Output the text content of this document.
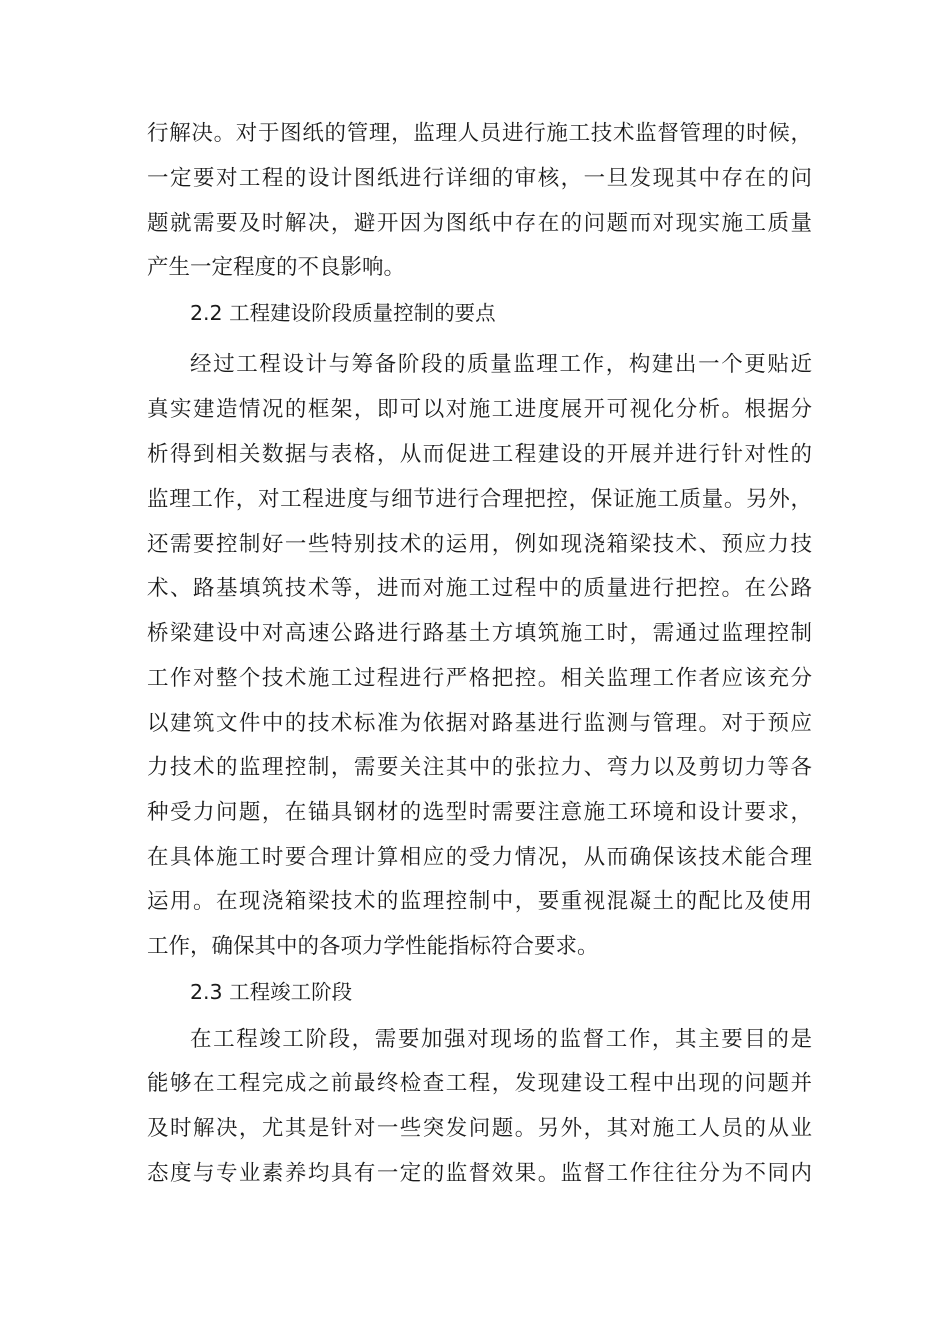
行解决。对于图纸的管理，监理人员进行施工技术监督管理的时候，
一定要对工程的设计图纸进行详细的审核，一旦发现其中存在的问
题就需要及时解决，避开因为图纸中存在的问题而对现实施工质量
产生一定程度的不良影响。
2.2 工程建设阶段质量控制的要点
经过工程设计与筹备阶段的质量监理工作，构建出一个更贴近
真实建造情况的框架，即可以对施工进度展开可视化分析。根据分
析得到相关数据与表格，从而促进工程建设的开展并进行针对性的
监理工作，对工程进度与细节进行合理把控，保证施工质量。另外，
还需要控制好一些特别技术的运用，例如现浇箱梁技术、预应力技
术、路基填筑技术等，进而对施工过程中的质量进行把控。在公路
桥梁建设中对高速公路进行路基土方填筑施工时，需通过监理控制
工作对整个技术施工过程进行严格把控。相关监理工作者应该充分
以建筑文件中的技术标准为依据对路基进行监测与管理。对于预应
力技术的监理控制，需要关注其中的张拉力、弯力以及剪切力等各
种受力问题，在锚具钢材的选型时需要注意施工环境和设计要求，
在具体施工时要合理计算相应的受力情况，从而确保该技术能合理
运用。在现浇箱梁技术的监理控制中，要重视混凝土的配比及使用
工作，确保其中的各项力学性能指标符合要求。
2.3 工程竣工阶段
在工程竣工阶段，需要加强对现场的监督工作，其主要目的是
能够在工程完成之前最终检查工程，发现建设工程中出现的问题并
及时解决，尤其是针对一些突发问题。另外，其对施工人员的从业
态度与专业素养均具有一定的监督效果。监督工作往往分为不同内
